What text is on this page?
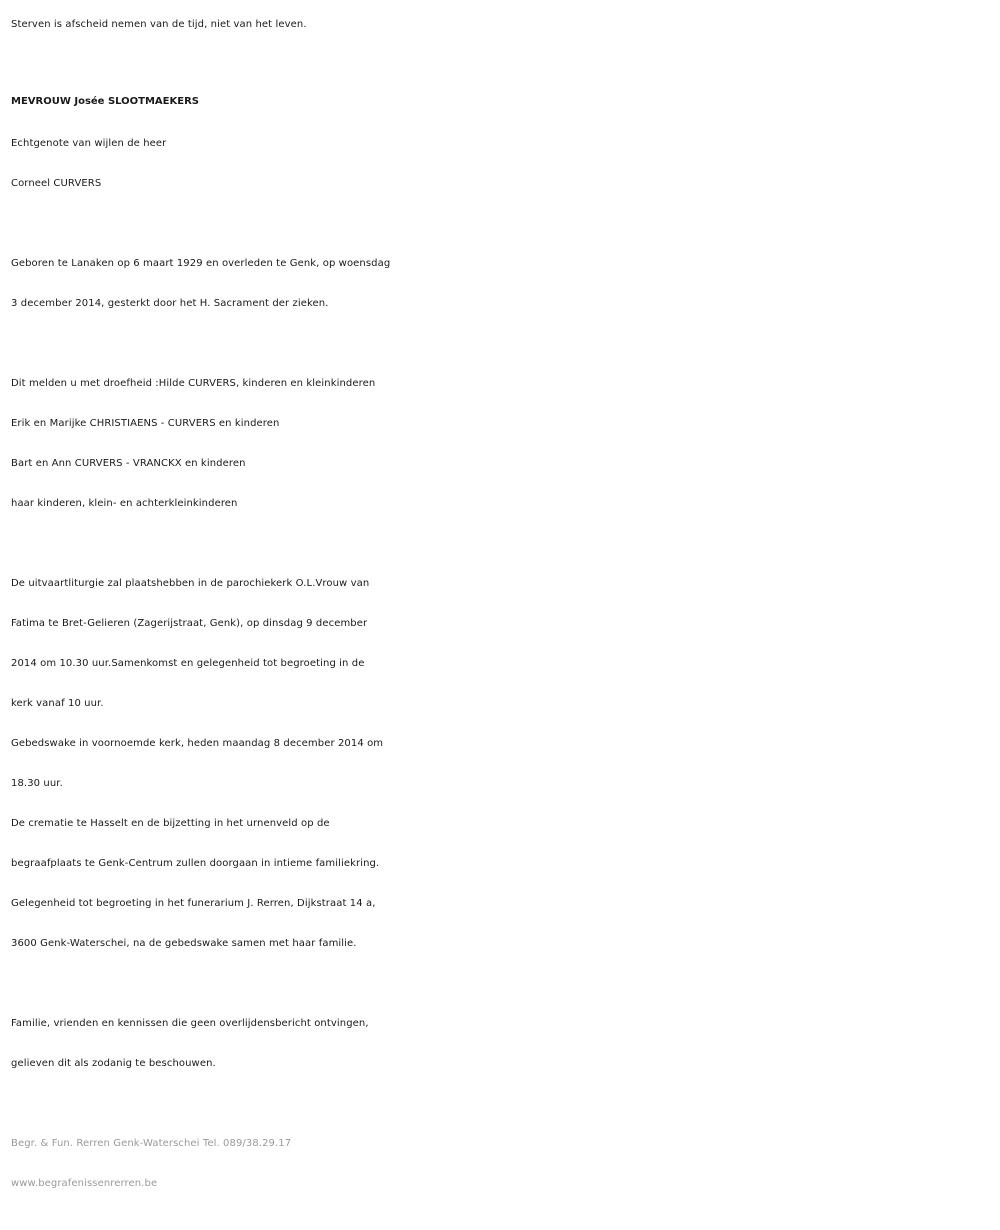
Sterven is afscheid nemen van de tijd, niet van het leven.
MEVROUW Josée SLOOTMAEKERS
Echtgenote van wijlen de heer
Corneel CURVERS
Geboren te Lanaken op 6 maart 1929 en overleden te Genk, op woensdag
3 december 2014, gesterkt door het H. Sacrament der zieken.
Dit melden u met droefheid :Hilde CURVERS, kinderen en kleinkinderen
Erik en Marijke CHRISTIAENS - CURVERS en kinderen
Bart en Ann CURVERS - VRANCKX en kinderen
haar kinderen, klein- en achterkleinkinderen
De uitvaartliturgie zal plaatshebben in de parochiekerk O.L.Vrouw van
Fatima te Bret-Gelieren (Zagerijstraat, Genk), op dinsdag 9 december
2014 om 10.30 uur.Samenkomst en gelegenheid tot begroeting in de
kerk vanaf 10 uur.
Gebedswake in voornoemde kerk, heden maandag 8 december 2014 om
18.30 uur.
De crematie te Hasselt en de bijzetting in het urnenveld op de
begraafplaats te Genk-Centrum zullen doorgaan in intieme familiekring.
Gelegenheid tot begroeting in het funerarium J. Rerren, Dijkstraat 14 a,
3600 Genk-Waterschei, na de gebedswake samen met haar familie.
Familie, vrienden en kennissen die geen overlijdensbericht ontvingen,
gelieven dit als zodanig te beschouwen.
Begr. & Fun. Rerren Genk-Waterschei Tel. 089/38.29.17
www.begrafenissenrerren.be
